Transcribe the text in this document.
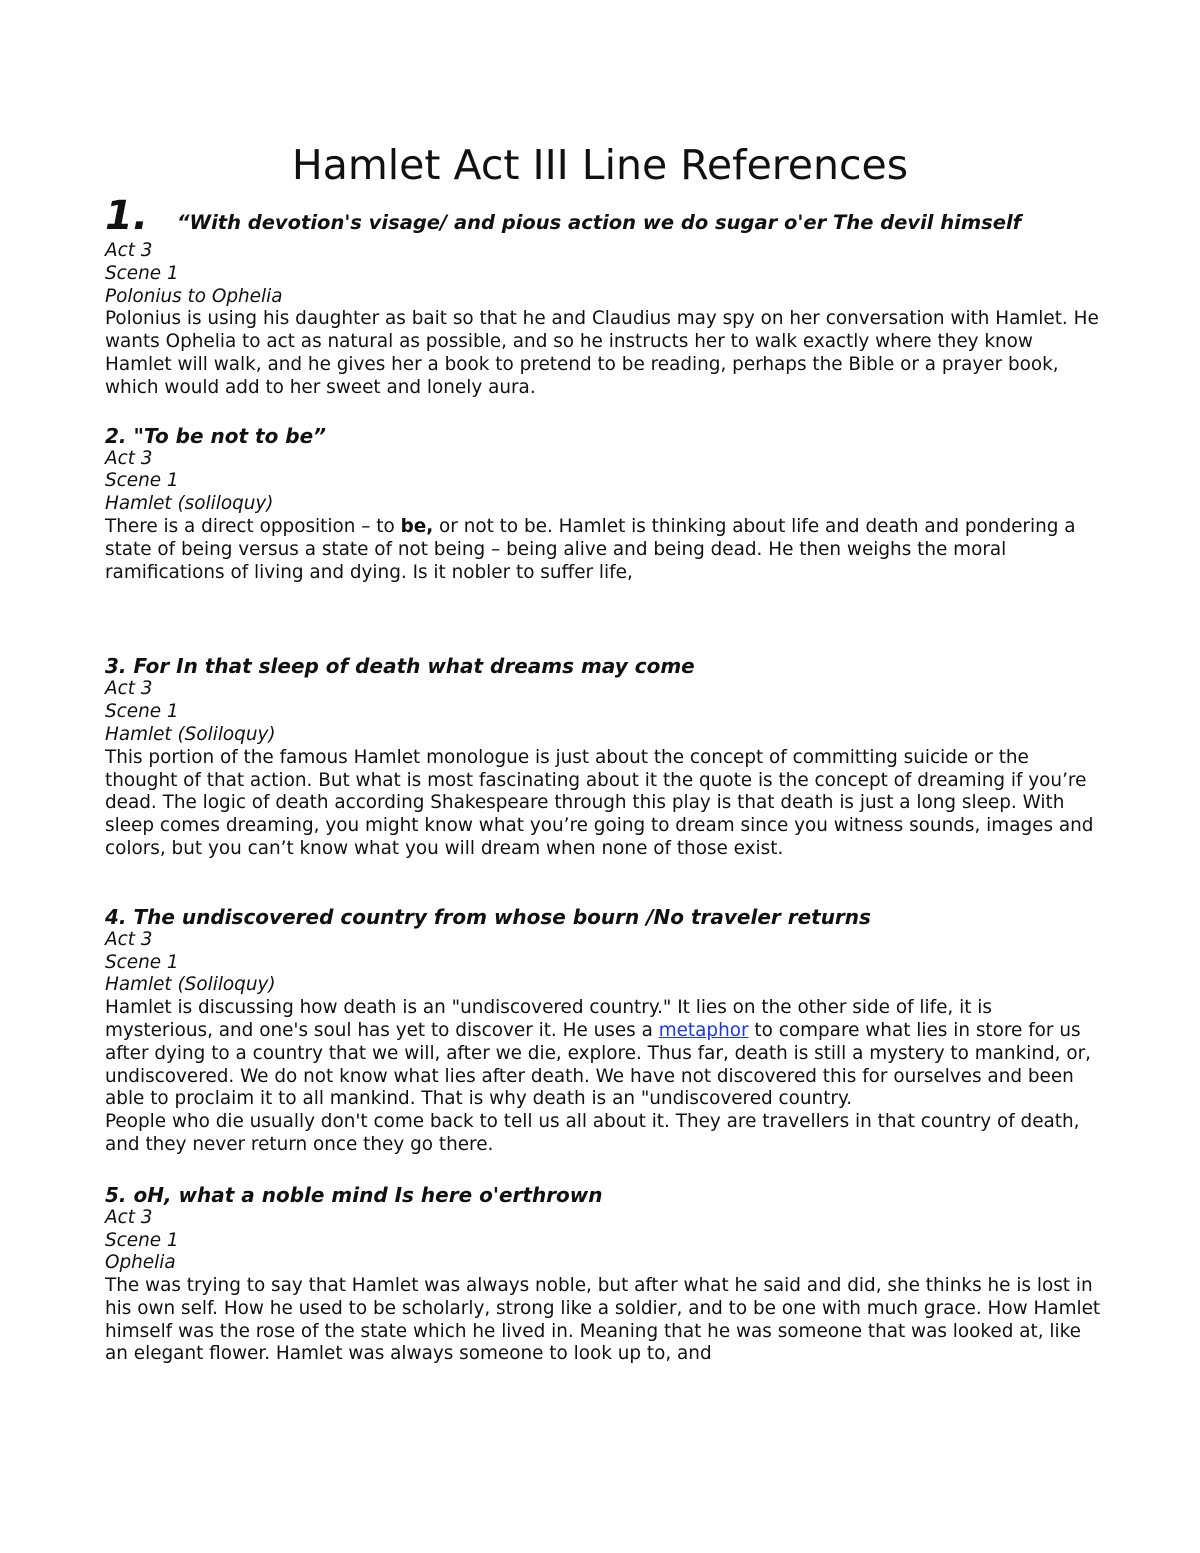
Hamlet Act III Line References
1.	“With devotion's visage/ and pious action we do sugar o'er The devil himself

Act 3

Scene 1

Polonius to Ophelia

Polonius is using his daughter as bait so that he and Claudius may spy on her conversation with Hamlet. He wants Ophelia to act as natural as possible, and so he instructs her to walk exactly where they know Hamlet will walk, and he gives her a book to pretend to be reading, perhaps the Bible or a prayer book, which would add to her sweet and lonely aura.

2. "To be not to be”

Act 3

Scene 1

Hamlet (soliloquy)

There is a direct opposition – to be, or not to be. Hamlet is thinking about life and death and pondering a state of being versus a state of not being – being alive and being dead. He then weighs the moral ramifications of living and dying. Is it nobler to suffer life,

3. For In that sleep of death what dreams may come

Act 3

Scene 1

Hamlet (Soliloquy)

This portion of the famous Hamlet monologue is just about the concept of committing suicide or the thought of that action. But what is most fascinating about it the quote is the concept of dreaming if you’re dead. The logic of death according Shakespeare through this play is that death is just a long sleep. With sleep comes dreaming, you might know what you’re going to dream since you witness sounds, images and colors, but you can’t know what you will dream when none of those exist.

4. The undiscovered country from whose bourn /No traveler returns

Act 3

Scene 1

Hamlet (Soliloquy)

Hamlet is discussing how death is an "undiscovered country." It lies on the other side of life, it is mysterious, and one's soul has yet to discover it. He uses a metaphor to compare what lies in store for us after dying to a country that we will, after we die, explore. Thus far, death is still a mystery to mankind, or, undiscovered. We do not know what lies after death. We have not discovered this for ourselves and been able to proclaim it to all mankind. That is why death is an "undiscovered country.

People who die usually don't come back to tell us all about it. They are travellers in that country of death, and they never return once they go there.

5. oH, what a noble mind Is here o'erthrown

Act 3

Scene 1

Ophelia

The was trying to say that Hamlet was always noble, but after what he said and did, she thinks he is lost in his own self. How he used to be scholarly, strong like a soldier, and to be one with much grace. How Hamlet himself was the rose of the state which he lived in. Meaning that he was someone that was looked at, like an elegant flower. Hamlet was always someone to look up to, and
